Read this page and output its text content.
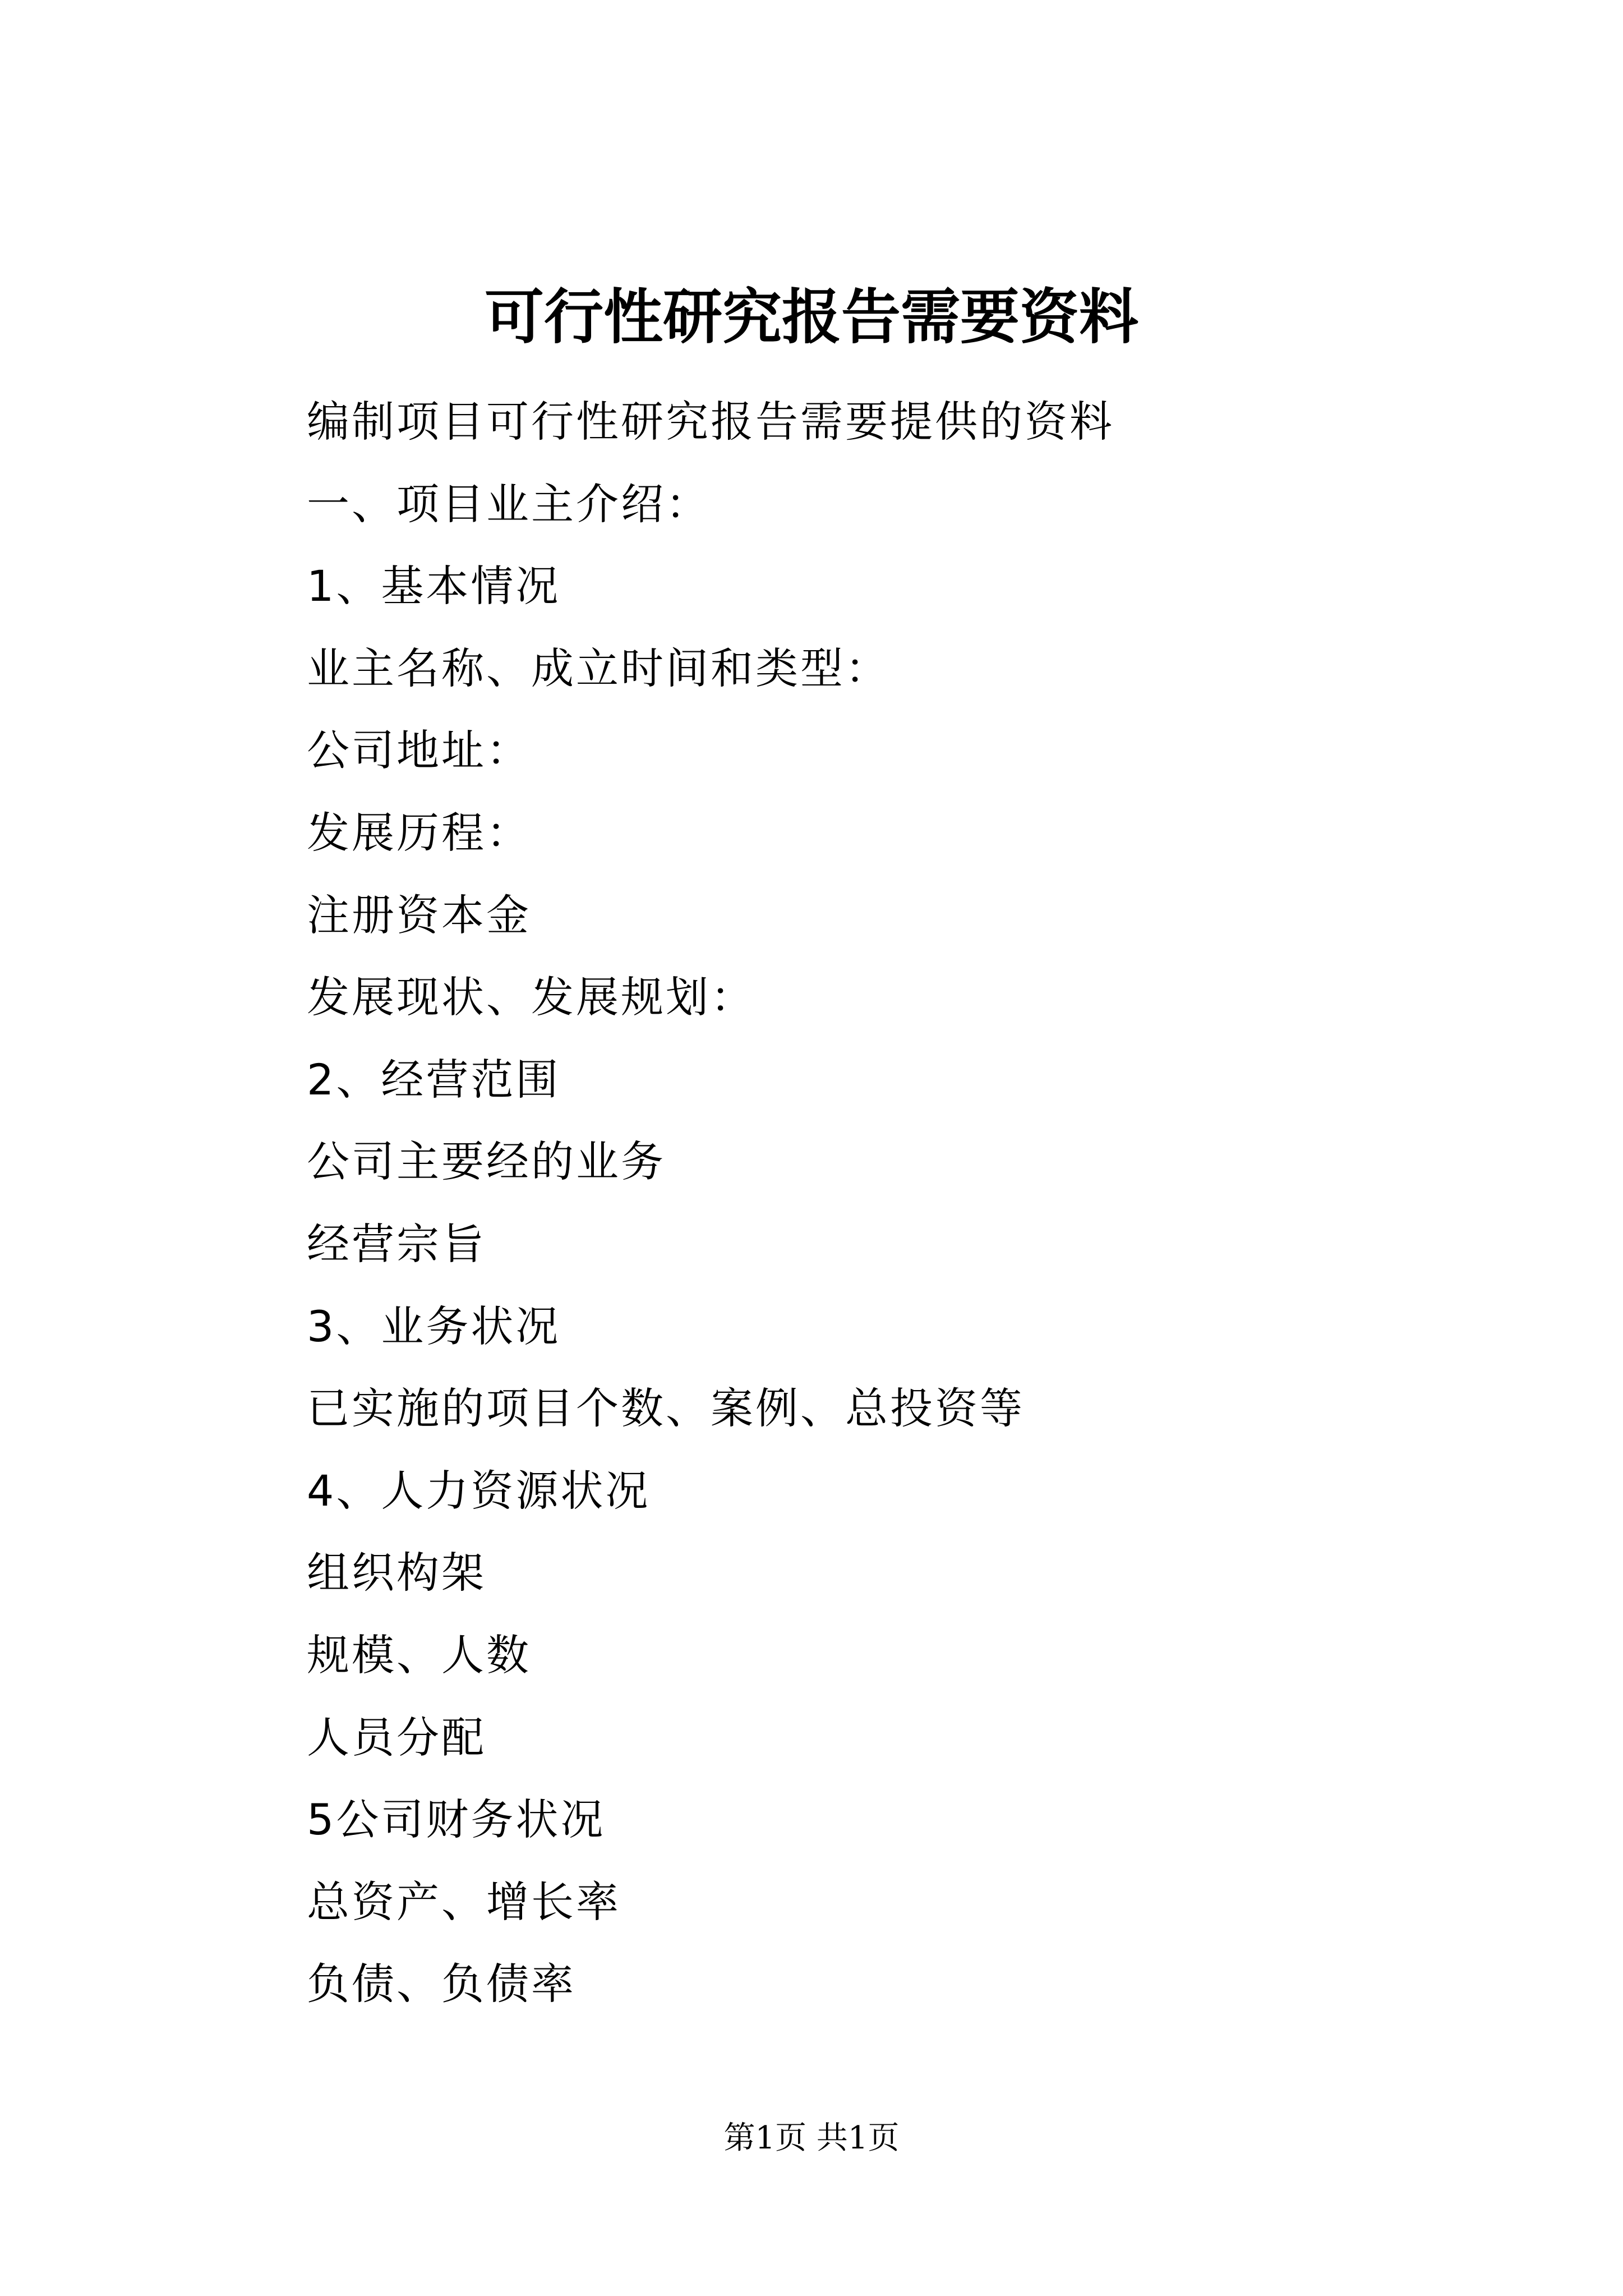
可行性研究报告需要资料
编制项目可行性研究报告需要提供的资料
一、项目业主介绍：
1、基本情况
业主名称、成立时间和类型：
公司地址：
发展历程：
注册资本金
发展现状、发展规划：
2、经营范围
公司主要经的业务
经营宗旨
3、业务状况
已实施的项目个数、案例、总投资等
4、人力资源状况
组织构架
规模、人数
人员分配
5公司财务状况
总资产、增长率
负债、负债率
第1页 共1页
